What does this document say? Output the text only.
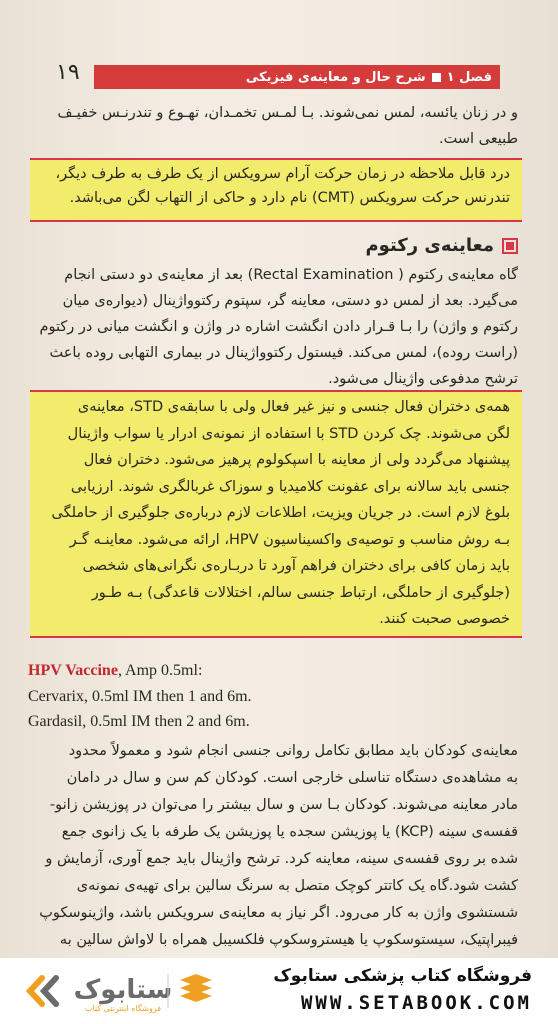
١٩	فصل ۱
شرح حال و معاینه‌ی فیزیکی
و در زنان یائسه، لمس نمی‌شوند. بـا لمـس تخمـدان، تهـوع و تندرنـس خفیـف
طبیعی است.
درد قابل ملاحظه در زمان حرکت آرام سرویکس از یک طرف به طرف دیگر،
تندرنس حرکت سرویکس (CMT) نام دارد و حاکی از التهاب لگن می‌باشد.
معاینه‌ی رکتوم
گاه معاینه‌ی رکتوم ( Rectal Examination) بعد از معاینه‌ی دو دستی انجام
می‌گیرد. بعد از لمس دو دستی، معاینه گر، سپتوم رکتوواژینال (دیواره‌ی میان
رکتوم و واژن) را بـا قـرار دادن انگشت اشاره در واژن و انگشت میانی در رکتوم
(راست روده)، لمس می‌کند. فیستول رکتوواژینال در بیماری التهابی روده باعث
ترشح مدفوعی واژینال می‌شود.
همه‌ی دختران فعال جنسی و نیز غیر فعال ولی با سابقه‌ی STD، معاینه‌ی
لگن می‌شوند. چک کردن STD با استفاده از نمونه‌ی ادرار یا سواب واژینال
پیشنهاد می‌گردد ولی از معاینه با اسپکولوم پرهیز می‌شود. دختران فعال
جنسی باید سالانه برای عفونت کلامیدیا و سوزاک غربالگری شوند. ارزیابی
بلوغ لازم است. در جریان ویزیت، اطلاعات لازم درباره‌ی جلوگیری از حاملگی
بـه روش مناسب و توصیه‌ی واکسیناسیون HPV، ارائه می‌شود. معاینـه گـر
باید زمان کافی برای دختران فراهم آورد تا دربـاره‌ی نگرانی‌های شخصی
(جلوگیری از حاملگی، ارتباط جنسی سالم، اختلالات قاعدگی) بـه طـور
خصوصی صحبت کنند.
HPV Vaccine, Amp 0.5ml:
Cervarix, 0.5ml IM then 1 and 6m.
Gardasil, 0.5ml IM then 2 and 6m.
معاینه‌ی کودکان باید مطابق تکامل روانی جنسی انجام شود و معمولاً محدود
به مشاهده‌ی دستگاه تناسلی خارجی است. کودکان کم سن و سال در دامان
مادر معاینه می‌شوند. کودکان بـا سن و سال بیشتر را می‌توان در پوزیشن زانو-
قفسه‌ی سینه (KCP) یا پوزیشن سجده یا پوزیشن یک طرفه با یک زانوی جمع
شده بر روی قفسه‌ی سینه، معاینه کرد. ترشح واژینال باید جمع آوری، آزمایش و
کشت شود.گاه یک کاتتر کوچک متصل به سرنگ سالین برای تهیه‌ی نمونه‌ی
شستشوی واژن به کار می‌رود. اگر نیاز به معاینه‌ی سرویکس باشد، واژینوسکوپ
فیبراپتیک، سیستوسکوپ یا هیستروسکوپ فلکسیبل همراه با لاواش سالین به
ستابوک
فروشگاه اینترنتی کتاب
فروشگاه کتاب پزشکی ستابوک
WWW.SETABOOK.COM
